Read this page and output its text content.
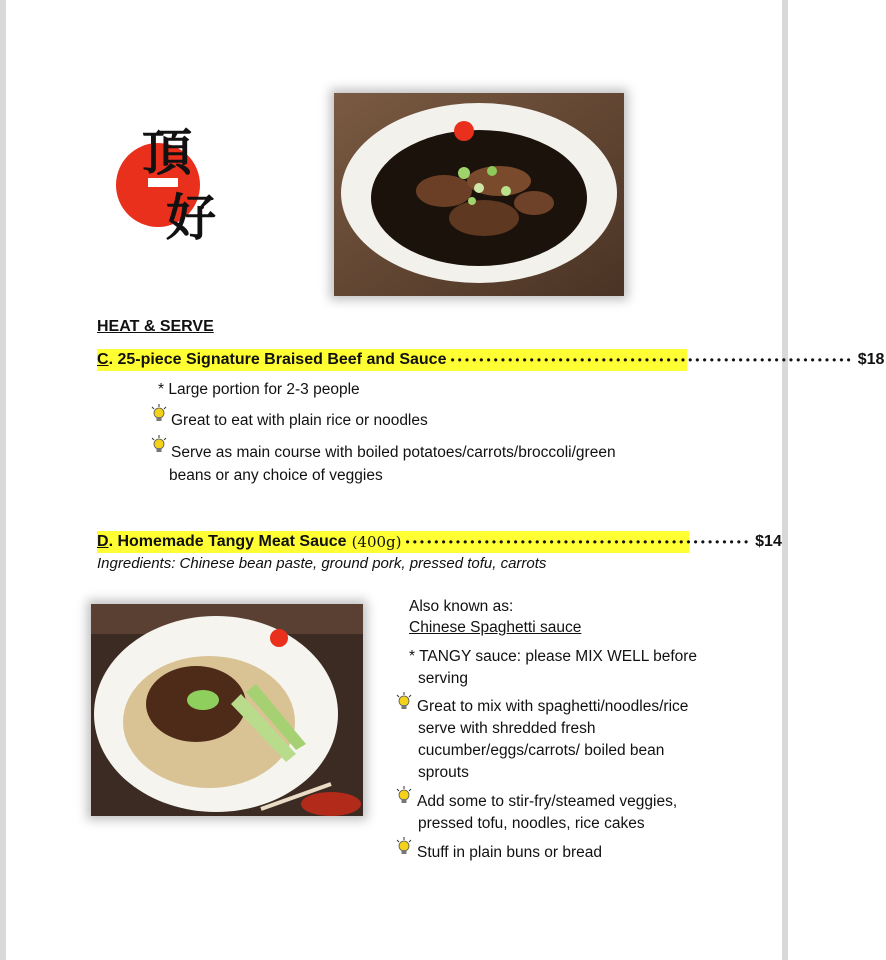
頂
好
HEAT & SERVE
C . 25-piece Signature Braised Beef and Sauce •••••••••••••••••••••••••••••••••••••••••••••••••••••••• $18
* Large portion for 2-3 people
Great to eat with plain rice or noodles
Serve as main course with boiled potatoes/carrots/broccoli/green
beans or any choice of veggies
D . Homemade Tangy Meat Sauce (400g) •••••••••••••••••••••••••••••••••••••••••••••••• $14
Ingredients: Chinese bean paste, ground pork, pressed tofu, carrots
Also known as:
Chinese Spaghetti sauce
* TANGY sauce: please MIX WELL before
serving
Great to mix with spaghetti/noodles/rice
serve with shredded fresh
cucumber/eggs/carrots/ boiled bean
sprouts
Add some to stir-fry/steamed veggies,
pressed tofu, noodles, rice cakes
Stuff in plain buns or bread
